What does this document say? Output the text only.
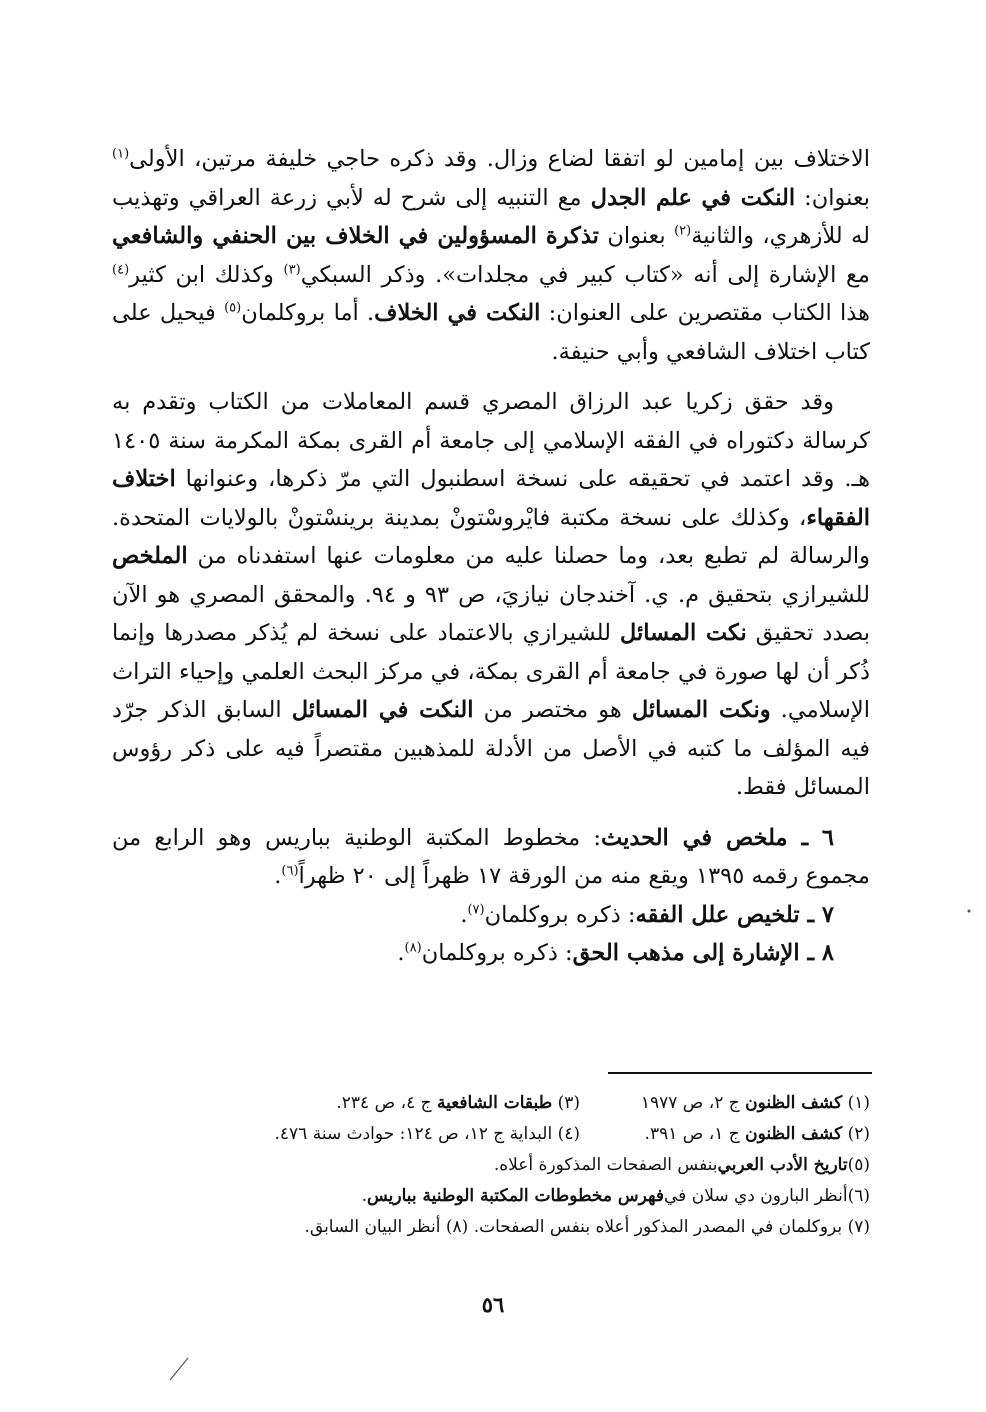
الاختلاف بين إمامين لو اتفقا لضاع وزال. وقد ذكره حاجي خليفة مرتين، الأولى$^{(١)}$ بعنوان: النكت في علم الجدل مع التنبيه إلى شرح له لأبي زرعة العراقي وتهذيب له للأزهري، والثانية$^{(٢)}$ بعنوان تذكرة المسؤولين في الخلاف بين الحنفي والشافعي مع الإشارة إلى أنه «كتاب كبير في مجلدات». وذكر السبكي$^{(٣)}$ وكذلك ابن كثير$^{(٤)}$ هذا الكتاب مقتصرين على العنوان: النكت في الخلاف. أما بروكلمان$^{(٥)}$ فيحيل على كتاب اختلاف الشافعي وأبي حنيفة.

وقد حقق زكريا عبد الرزاق المصري قسم المعاملات من الكتاب وتقدم به كرسالة دكتوراه في الفقه الإسلامي إلى جامعة أم القرى بمكة المكرمة سنة ١٤٠٥ هـ. وقد اعتمد في تحقيقه على نسخة اسطنبول التي مرّ ذكرها، وعنوانها اختلاف الفقهاء، وكذلك على نسخة مكتبة فايْروسْتونْ بمدينة برينسْتونْ بالولايات المتحدة. والرسالة لم تطبع بعد، وما حصلنا عليه من معلومات عنها استفدناه من الملخص للشيرازي بتحقيق م. ي. آخندجان نيازيَ، ص ٩٣ و ٩٤. والمحقق المصري هو الآن بصدد تحقيق نكت المسائل للشيرازي بالاعتماد على نسخة لم يُذكر مصدرها وإنما ذُكر أن لها صورة في جامعة أم القرى بمكة، في مركز البحث العلمي وإحياء التراث الإسلامي. ونكت المسائل هو مختصر من النكت في المسائل السابق الذكر جرّد فيه المؤلف ما كتبه في الأصل من الأدلة للمذهبين مقتصراً فيه على ذكر رؤوس المسائل فقط.

٦ ـ ملخص في الحديث: مخطوط المكتبة الوطنية بباريس وهو الرابع من مجموع رقمه ١٣٩٥ ويقع منه من الورقة ١٧ ظهراً إلى ٢٠ ظهراً$^{(٦)}$.

٧ ـ تلخيص علل الفقه: ذكره بروكلمان$^{(٧)}$.

٨ ـ الإشارة إلى مذهب الحق: ذكره بروكلمان$^{(٨)}$.

(١) كشف الظنون ج ٢، ص ١٩٧٧
(٣) طبقات الشافعية ج ٤، ص ٢٣٤.
(٢) كشف الظنون ج ١، ص ٣٩١.
(٤) البداية ج ١٢، ص ١٢٤: حوادث سنة ٤٧٦.
(٥)
تاريخ الأدب العربي
بنفس الصفحات المذكورة أعلاه.
(٦)
أنظر البارون دي سلان في
فهرس مخطوطات المكتبة الوطنية بباريس
.
(٧) بروكلمان في المصدر المذكور أعلاه بنفس الصفحات.

(٨) أنظر البيان السابق.
٥٦
